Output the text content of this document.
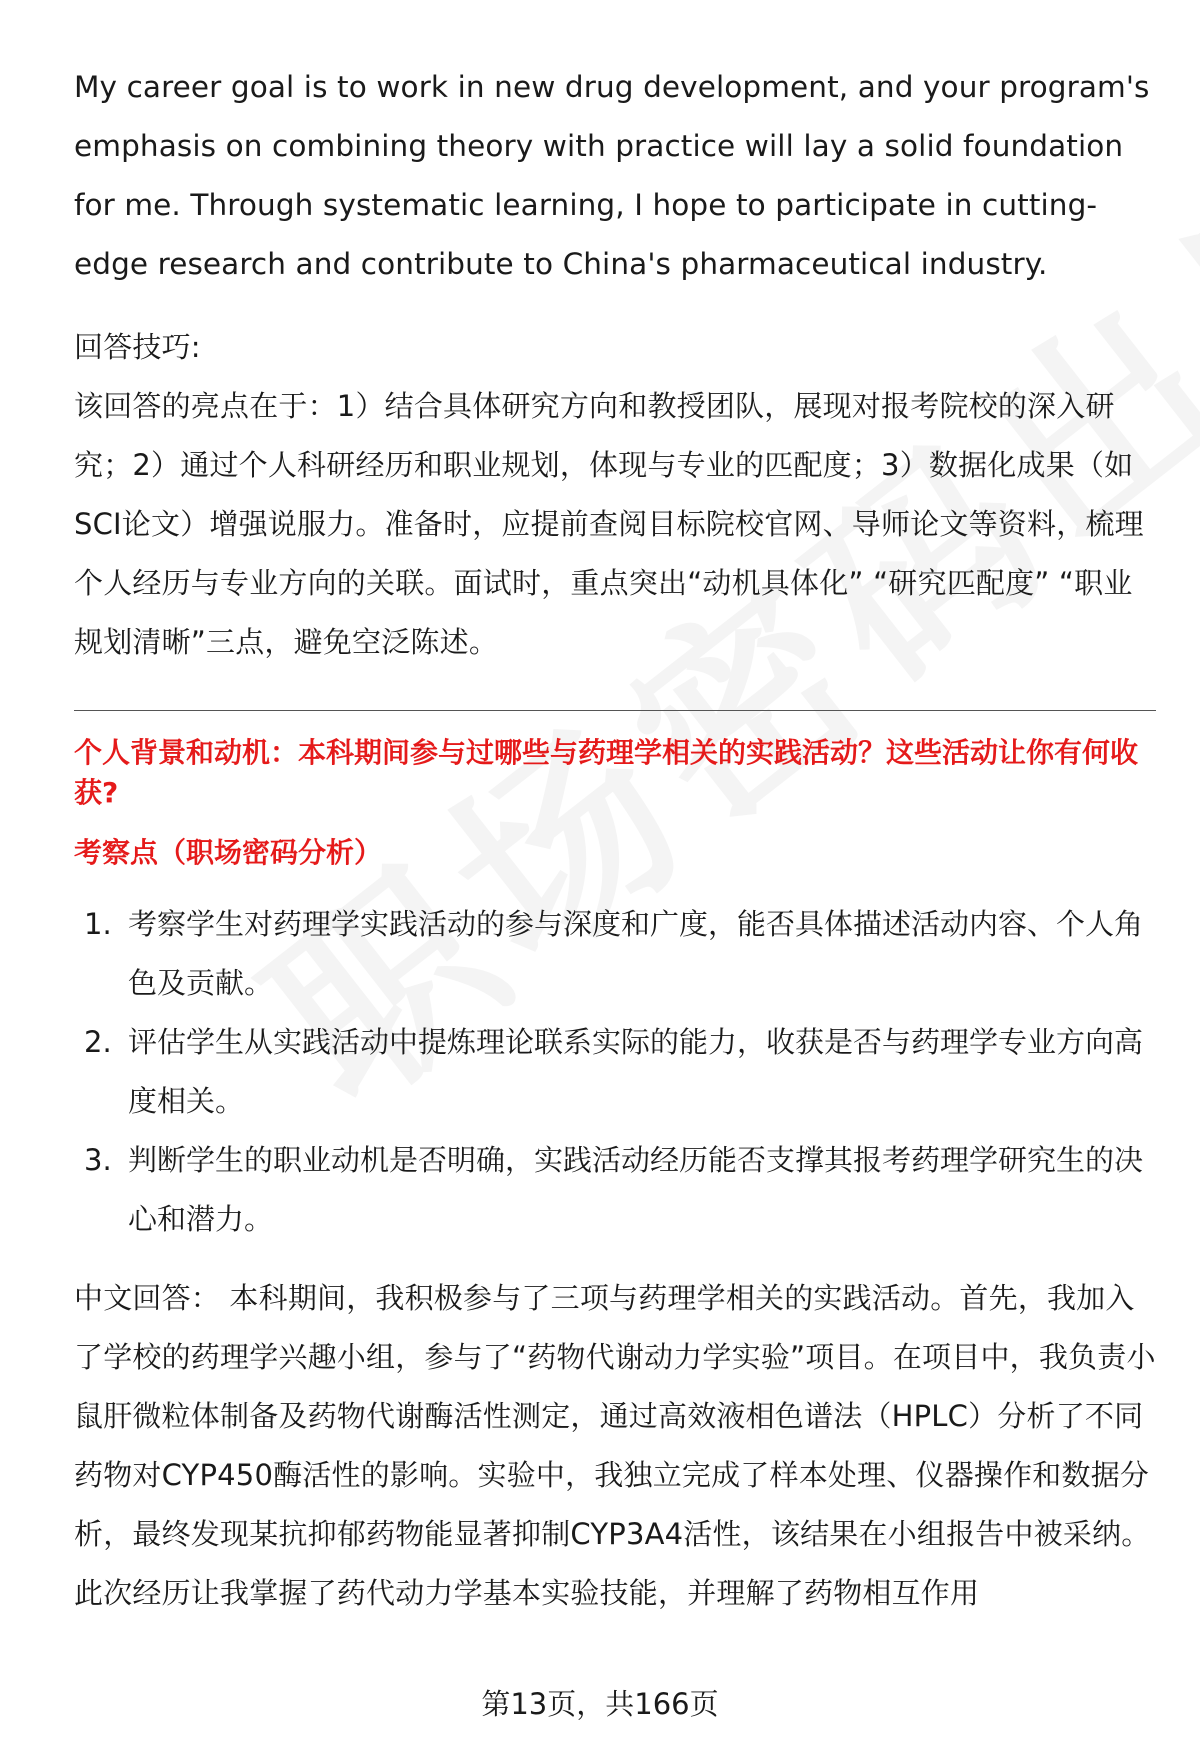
My career goal is to work in new drug development, and your program's emphasis on combining theory with practice will lay a solid foundation for me. Through systematic learning, I hope to participate in cutting-edge research and contribute to China's pharmaceutical industry.

回答技巧:

该回答的亮点在于：1）结合具体研究方向和教授团队，展现对报考院校的深入研究；2）通过个人科研经历和职业规划，体现与专业的匹配度；3）数据化成果（如SCI论文）增强说服力。准备时，应提前查阅目标院校官网、导师论文等资料，梳理个人经历与专业方向的关联。面试时，重点突出“动机具体化” “研究匹配度” “职业规划清晰”三点，避免空泛陈述。

个人背景和动机：本科期间参与过哪些与药理学相关的实践活动？这些活动让你有何收获?

考察点（职场密码分析）
1. 考察学生对药理学实践活动的参与深度和广度，能否具体描述活动内容、个人角色及贡献。
2. 评估学生从实践活动中提炼理论联系实际的能力，收获是否与药理学专业方向高度相关。
3. 判断学生的职业动机是否明确，实践活动经历能否支撑其报考药理学研究生的决心和潜力。

中文回答： 本科期间，我积极参与了三项与药理学相关的实践活动。首先，我加入了学校的药理学兴趣小组，参与了“药物代谢动力学实验”项目。在项目中，我负责小鼠肝微粒体制备及药物代谢酶活性测定，通过高效液相色谱法（HPLC）分析了不同药物对CYP450酶活性的影响。实验中，我独立完成了样本处理、仪器操作和数据分析，最终发现某抗抑郁药物能显著抑制CYP3A4活性，该结果在小组报告中被采纳。此次经历让我掌握了药代动力学基本实验技能，并理解了药物相互作用

第13页，共166页
